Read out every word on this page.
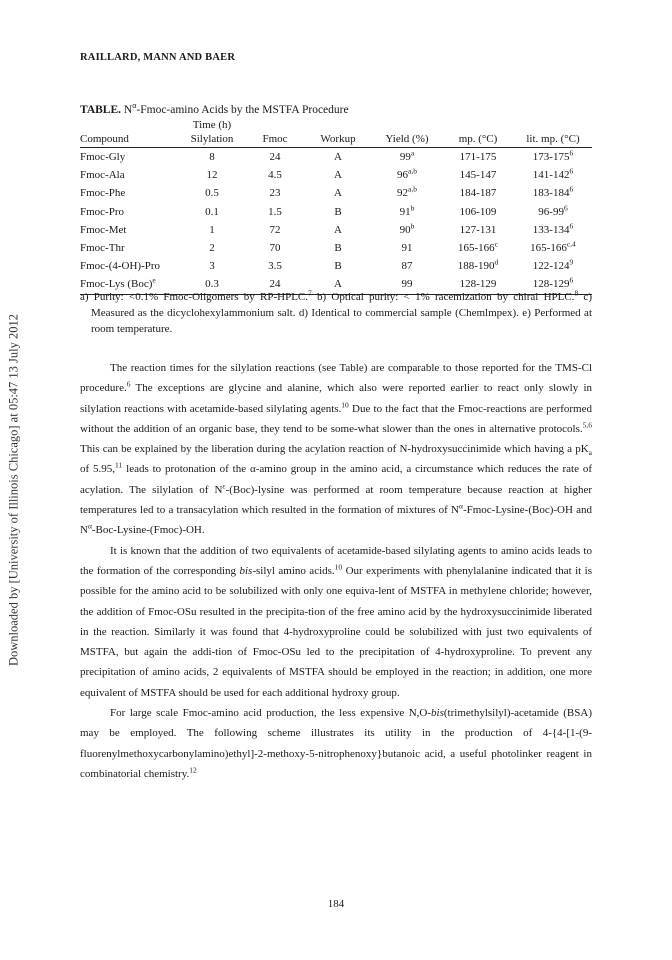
Downloaded by [University of Illinois Chicago] at 05:47 13 July 2012
RAILLARD, MANN AND BAER
TABLE. $N^\alpha-Fmoc$-amino Acids by the MSTFA Procedure
	Time (h)					
Compound	Silylation	Fmoc	Workup	Yield (%)	mp. (°C)	lit. mp. (°C)
Fmoc-Gly	8	24	A	99$^a$	171-175	$173-175^6$
Fmoc-Ala	12	4.5	A	96$^{a,b}$	145-147	$141-142^6$
Fmoc-Phe	0.5	23	A	92$^{a,b}$	184-187	$183-184^6$
Fmoc-Pro	0.1	1.5	B	91$^b$	106-109	$96-99^6$
Fmoc-Met	1	72	A	90$^b$	127-131	$133-134^6$
Fmoc-Thr	2	70	B	91	165-166$^c$	165-166$^{c,4}$
Fmoc-(4-OH)-Pro	3	3.5	B	87	188-190$^d$	$122-124^9$
Fmoc-Lys (Boc)$^e$	0.3	24	A	99	128-129	$128-129^6$
a) Purity: <0.1% Fmoc-Oligomers by RP-HPLC.$^7$ b) Optical purity: < 1% racemization by chiral HPLC.$^8$ c) Measured as the dicyclohexylammonium salt. d) Identical to commercial sample (Chemlmpex). e) Performed at room temperature.

The reaction times for the silylation reactions (see Table) are comparable to those reported for the TMS-Cl procedure.$^6$ The exceptions are glycine and alanine, which also were reported earlier to react only slowly in silylation reactions with acetamide-based silylating agents.$^{10}$ Due to the fact that the Fmoc-reactions are performed without the addition of an organic base, they tend to be some-what slower than the ones in alternative protocols.$^{5,6}$ This can be explained by the liberation during the acylation reaction of N-hydroxysuccinimide which having a $pK_a$ of 5.95,11 leads to protonation of the α-amino group in the amino acid, a circumstance which reduces the rate of acylation. The silylation of $N^\varepsilon-(Boc)$-lysine was performed at room temperature because reaction at higher temperatures led to a transacylation which resulted in the formation of mixtures of $N^\alpha-Fmoc-Lysine-(Boc)-OH$ and $N^\alpha-Boc-Lysine-(Fmoc)-OH$.

It is known that the addition of two equivalents of acetamide-based silylating agents to amino acids leads to the formation of the corresponding bis-silyl amino acids.$^{10}$ Our experiments with phenylalanine indicated that it is possible for the amino acid to be solubilized with only one equiva-lent of MSTFA in methylene chloride; however, the addition of Fmoc-OSu resulted in the precipita-tion of the free amino acid by the hydroxysuccinimide liberated in the reaction. Similarly it was found that 4-hydroxyproline could be solubilized with just two equivalents of MSTFA, but again the addi-tion of Fmoc-OSu led to the precipitation of 4-hydroxyproline. To prevent any precipitation of amino acids, 2 equivalents of MSTFA should be employed in the reaction; in addition, one more equivalent of MSTFA should be used for each additional hydroxy group.

For large scale Fmoc-amino acid production, the less expensive N,O-bis(trimethylsilyl)-acetamide (BSA) may be employed. The following scheme illustrates its utility in the production of 4-{4-[1-(9-fluorenylmethoxycarbonylamino)ethyl]-2-methoxy-5-nitrophenoxy}butanoic acid, a useful photolinker reagent in combinatorial chemistry.$^{12}$

184
